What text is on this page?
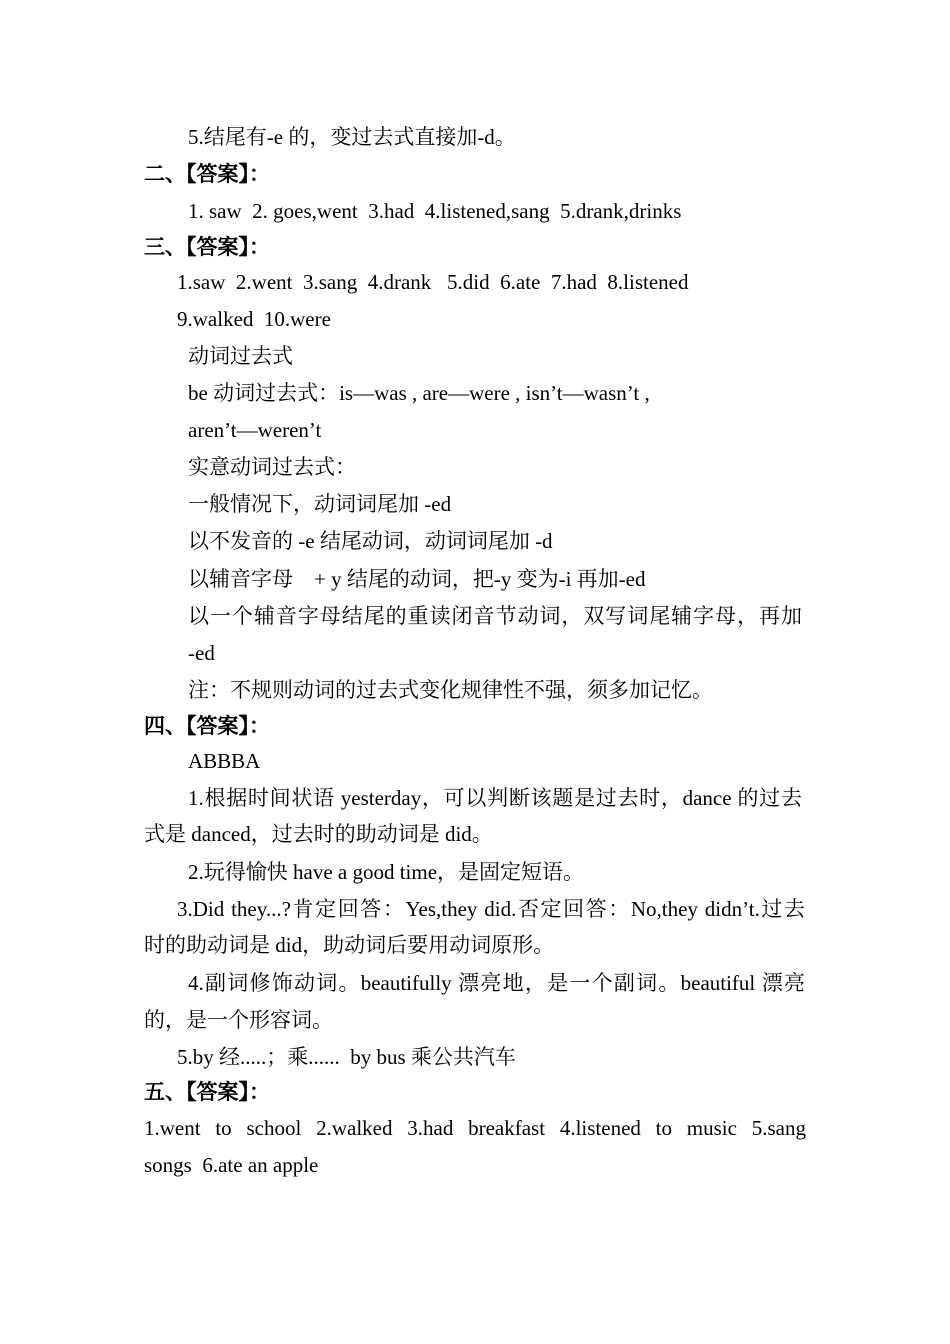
5.结尾有-e 的，变过去式直接加-d。
二、【答案】：
1. saw  2. goes,went  3.had  4.listened,sang  5.drank,drinks
三、【答案】：
1.saw  2.went  3.sang  4.drank   5.did  6.ate  7.had  8.listened
9.walked  10.were
动词过去式
be 动词过去式：is—was , are—were , isn’t—wasn’t ,
aren’t—weren’t
实意动词过去式：
一般情况下，动词词尾加 -ed
以不发音的 -e 结尾动词，动词词尾加 -d
以辅音字母    + y 结尾的动词，把-y 变为-i 再加-ed
以一个辅音字母结尾的重读闭音节动词，双写词尾辅字母，再加
-ed
注：不规则动词的过去式变化规律性不强，须多加记忆。
四、【答案】：
ABBBA
1.根据时间状语 yesterday，可以判断该题是过去时，dance 的过去
式是 danced，过去时的助动词是 did。
2.玩得愉快 have a good time，是固定短语。
3.Did they...?肯定回答：Yes,they did.否定回答：No,they didn’t.过去
时的助动词是 did，助动词后要用动词原形。
4.副词修饰动词。beautifully 漂亮地，是一个副词。beautiful 漂亮
的，是一个形容词。
5.by 经.....；乘......  by bus 乘公共汽车
五、【答案】：
1.went to school 2.walked 3.had breakfast 4.listened to music 5.sang
songs  6.ate an apple
